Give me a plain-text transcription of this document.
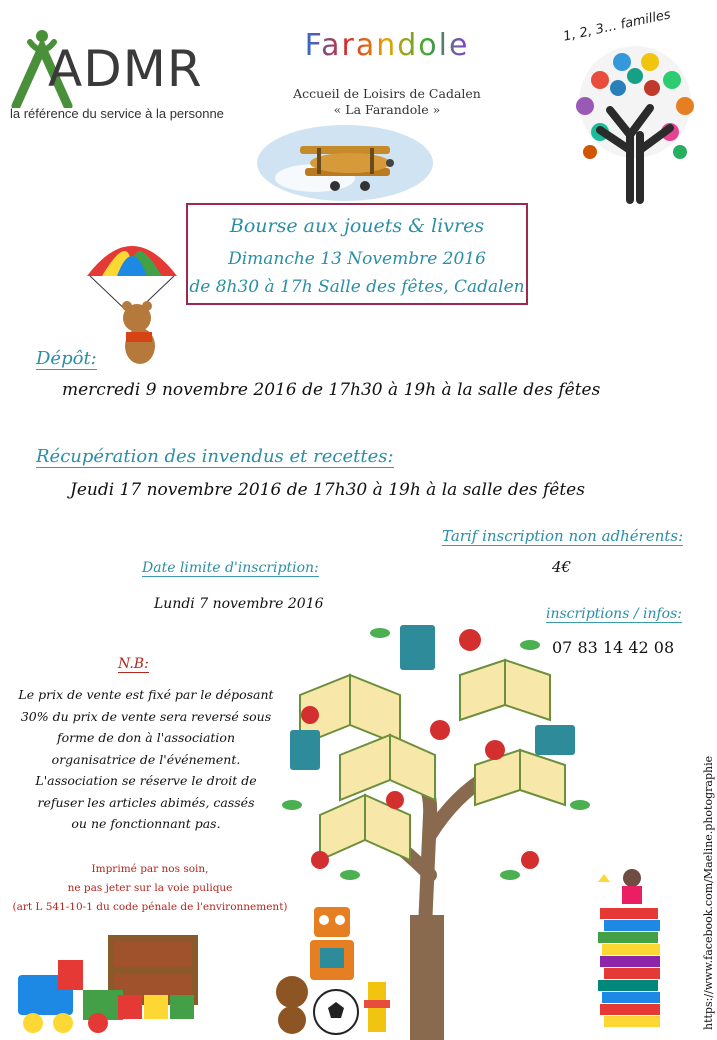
ADMR
la référence du service à la personne
Farandole
Accueil de Loisirs de Cadalen
« La Farandole »
1, 2, 3… familles
Bourse aux jouets & livres
Dimanche 13 Novembre 2016
de 8h30 à 17h Salle des fêtes, Cadalen
Dépôt:
mercredi 9 novembre 2016 de 17h30 à 19h à la salle des fêtes
Récupération des invendus et recettes:
Jeudi 17 novembre 2016 de 17h30 à 19h à la salle des fêtes
Tarif inscription non adhérents:
4€
Date limite d'inscription:
Lundi 7 novembre 2016
inscriptions / infos:
07 83 14 42 08
N.B:
Le prix de vente est fixé par le déposant
30% du prix de vente sera reversé sous
forme de don à l'association
organisatrice de l'événement.
L'association se réserve le droit de
refuser les articles abimés, cassés
ou ne fonctionnant pas.
Imprimé par nos soin,
ne pas jeter sur la voie pulique
(art L 541-10-1 du code pénale de l'environnement)	https://www.facebook.com/Maeline.photographie
